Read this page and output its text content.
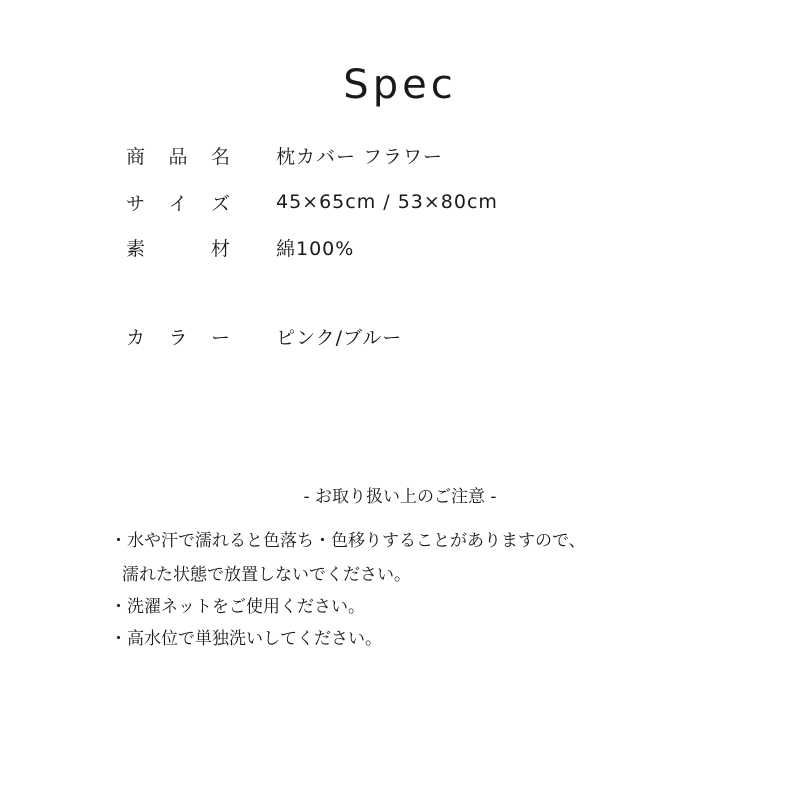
Spec
商 品 名 枕カバー フラワー
サ イ ズ 45×65cm / 53×80cm
素	材 綿100%
カ ラ ー ピンク/ブルー
- お取り扱い上のご注意 -
・水や汗で濡れると色落ち・色移りすることがありますので、
濡れた状態で放置しないでください。
・洗濯ネットをご使用ください。
・高水位で単独洗いしてください。
